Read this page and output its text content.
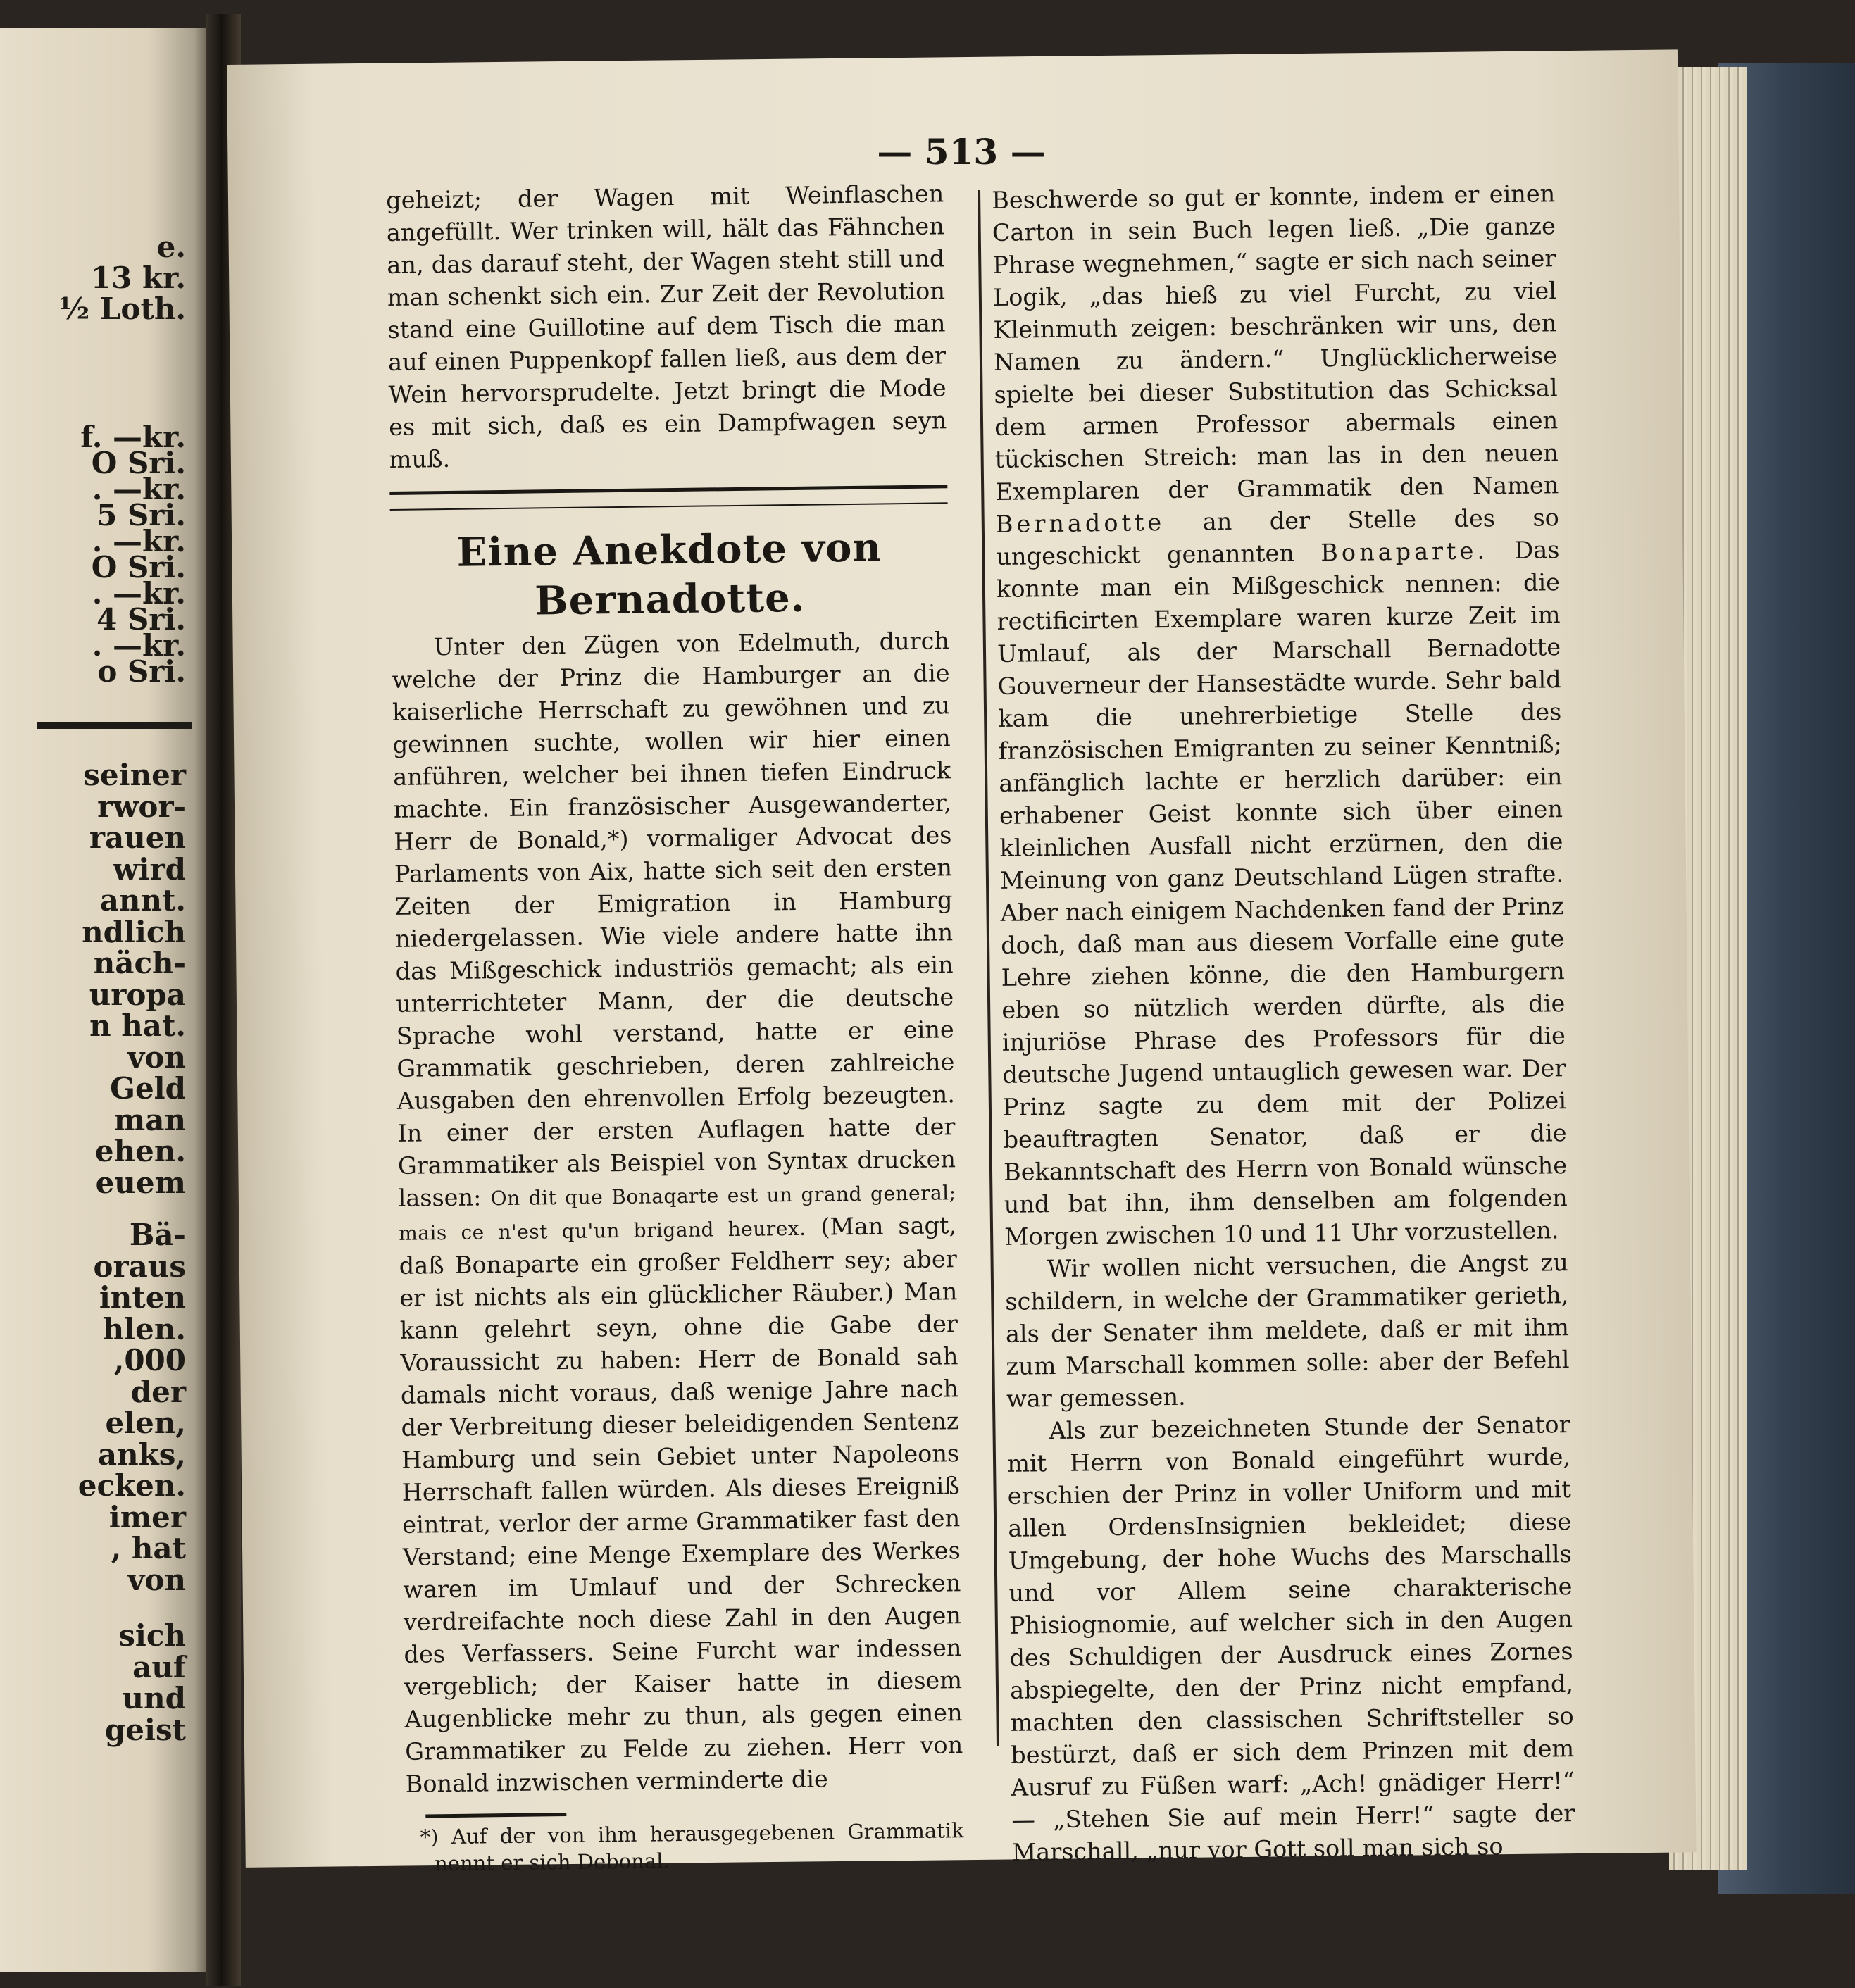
e.
13 kr.
½ Loth.
f. —kr.
O Sri.
. —kr.
5 Sri.
. —kr.
O Sri.
. —kr.
4 Sri.
. —kr.
o Sri.
seiner
rwor-
rauen
wird
annt.
ndlich
näch-
uropa
n hat.
von
Geld
man
ehen.
euem
Bä-
oraus
inten
hlen.
,000
der
elen,
anks,
ecken.
imer
, hat
von
sich
auf
und
geist
— 513 —

geheizt; der Wagen mit Weinflaschen angefüllt. Wer trinken will, hält das Fähnchen an, das darauf steht, der Wagen steht still und man schenkt sich ein. Zur Zeit der Revolution stand eine Guillotine auf dem Tisch die man auf einen Puppenkopf fallen ließ, aus dem der Wein hervorsprudelte. Jetzt bringt die Mode es mit sich, daß es ein Dampfwagen seyn muß.

Eine Anekdote von Bernadotte.

Unter den Zügen von Edelmuth, durch welche der Prinz die Hamburger an die kaiserliche Herrschaft zu gewöhnen und zu gewinnen suchte, wollen wir hier einen anführen, welcher bei ihnen tiefen Eindruck machte. Ein französischer Ausgewanderter, Herr de Bonald,*) vormaliger Advocat des Parlaments von Aix, hatte sich seit den ersten Zeiten der Emigration in Hamburg niedergelassen. Wie viele andere hatte ihn das Mißgeschick industriös gemacht; als ein unterrichteter Mann, der die deutsche Sprache wohl verstand, hatte er eine Grammatik geschrieben, deren zahlreiche Ausgaben den ehrenvollen Erfolg bezeugten. In einer der ersten Auflagen hatte der Grammatiker als Beispiel von Syntax drucken lassen: On dit que Bonaqarte est un grand general; mais ce n'est qu'un brigand heurex. (Man sagt, daß Bonaparte ein großer Feldherr sey; aber er ist nichts als ein glücklicher Räuber.) Man kann gelehrt seyn, ohne die Gabe der Voraussicht zu haben: Herr de Bonald sah damals nicht voraus, daß wenige Jahre nach der Verbreitung dieser beleidigenden Sentenz Hamburg und sein Gebiet unter Napoleons Herrschaft fallen würden. Als dieses Ereigniß eintrat, verlor der arme Grammatiker fast den Verstand; eine Menge Exemplare des Werkes waren im Umlauf und der Schrecken verdreifachte noch diese Zahl in den Augen des Verfassers. Seine Furcht war indessen vergeblich; der Kaiser hatte in diesem Augenblicke mehr zu thun, als gegen einen Grammatiker zu Felde zu ziehen. Herr von Bonald inzwischen verminderte die

*) Auf der von ihm herausgegebenen Grammatik nennt er sich Debonal.

Beschwerde so gut er konnte, indem er einen Carton in sein Buch legen ließ. „Die ganze Phrase wegnehmen,“ sagte er sich nach seiner Logik, „das hieß zu viel Furcht, zu viel Kleinmuth zeigen: beschränken wir uns, den Namen zu ändern.“ Unglücklicherweise spielte bei dieser Substitution das Schicksal dem armen Professor abermals einen tückischen Streich: man las in den neuen Exemplaren der Grammatik den Namen Bernadotte an der Stelle des so ungeschickt genannten Bonaparte. Das konnte man ein Mißgeschick nennen: die rectificirten Exemplare waren kurze Zeit im Umlauf, als der Marschall Bernadotte Gouverneur der Hansestädte wurde. Sehr bald kam die unehrerbietige Stelle des französischen Emigranten zu seiner Kenntniß; anfänglich lachte er herzlich darüber: ein erhabener Geist konnte sich über einen kleinlichen Ausfall nicht erzürnen, den die Meinung von ganz Deutschland Lügen strafte. Aber nach einigem Nachdenken fand der Prinz doch, daß man aus diesem Vorfalle eine gute Lehre ziehen könne, die den Hamburgern eben so nützlich werden dürfte, als die injuriöse Phrase des Professors für die deutsche Jugend untauglich gewesen war. Der Prinz sagte zu dem mit der Polizei beauftragten Senator, daß er die Bekanntschaft des Herrn von Bonald wünsche und bat ihn, ihm denselben am folgenden Morgen zwischen 10 und 11 Uhr vorzustellen.

Wir wollen nicht versuchen, die Angst zu schildern, in welche der Grammatiker gerieth, als der Senater ihm meldete, daß er mit ihm zum Marschall kommen solle: aber der Befehl war gemessen.

Als zur bezeichneten Stunde der Senator mit Herrn von Bonald eingeführt wurde, erschien der Prinz in voller Uniform und mit allen OrdensInsignien bekleidet; diese Umgebung, der hohe Wuchs des Marschalls und vor Allem seine charakterische Phisiognomie, auf welcher sich in den Augen des Schuldigen der Ausdruck eines Zornes abspiegelte, den der Prinz nicht empfand, machten den classischen Schriftsteller so bestürzt, daß er sich dem Prinzen mit dem Ausruf zu Füßen warf: „Ach! gnädiger Herr!“ — „Stehen Sie auf mein Herr!“ sagte der Marschall, „nur vor Gott soll man sich so
